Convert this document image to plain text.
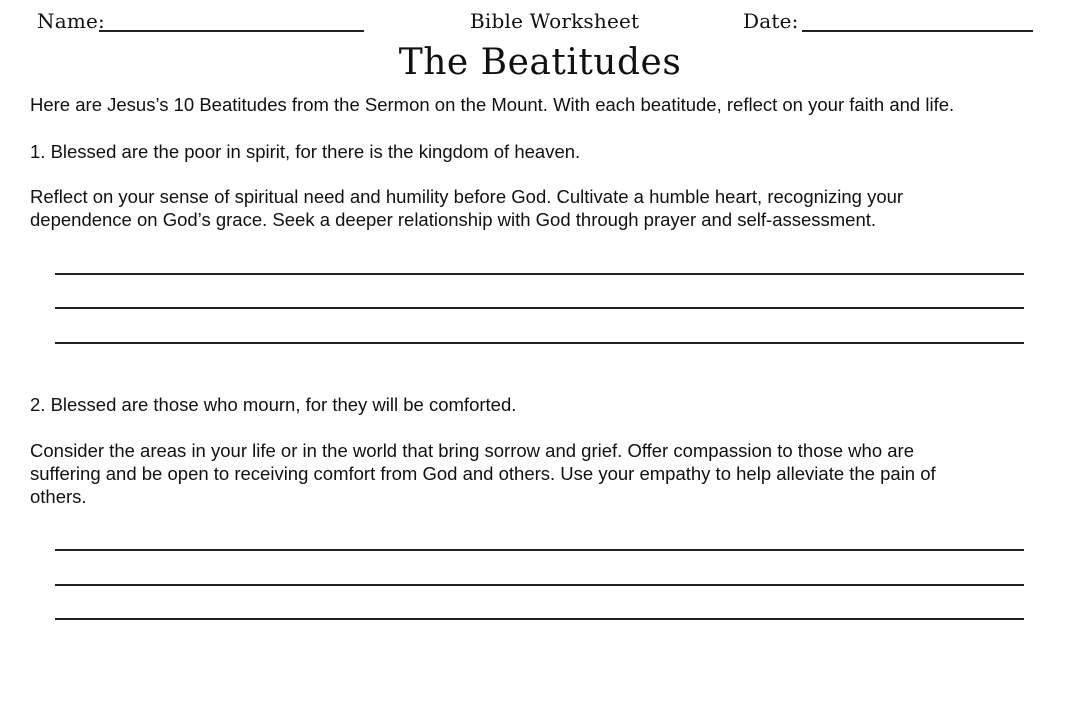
Name:	Bible Worksheet	Date:
The Beatitudes
Here are Jesus’s 10 Beatitudes from the Sermon on the Mount. With each beatitude, reflect on your faith and life.
1. Blessed are the poor in spirit, for there is the kingdom of heaven.
Reflect on your sense of spiritual need and humility before God. Cultivate a humble heart, recognizing your
dependence on God’s grace. Seek a deeper relationship with God through prayer and self-assessment.
2. Blessed are those who mourn, for they will be comforted.
Consider the areas in your life or in the world that bring sorrow and grief. Offer compassion to those who are
suffering and be open to receiving comfort from God and others. Use your empathy to help alleviate the pain of
others.
